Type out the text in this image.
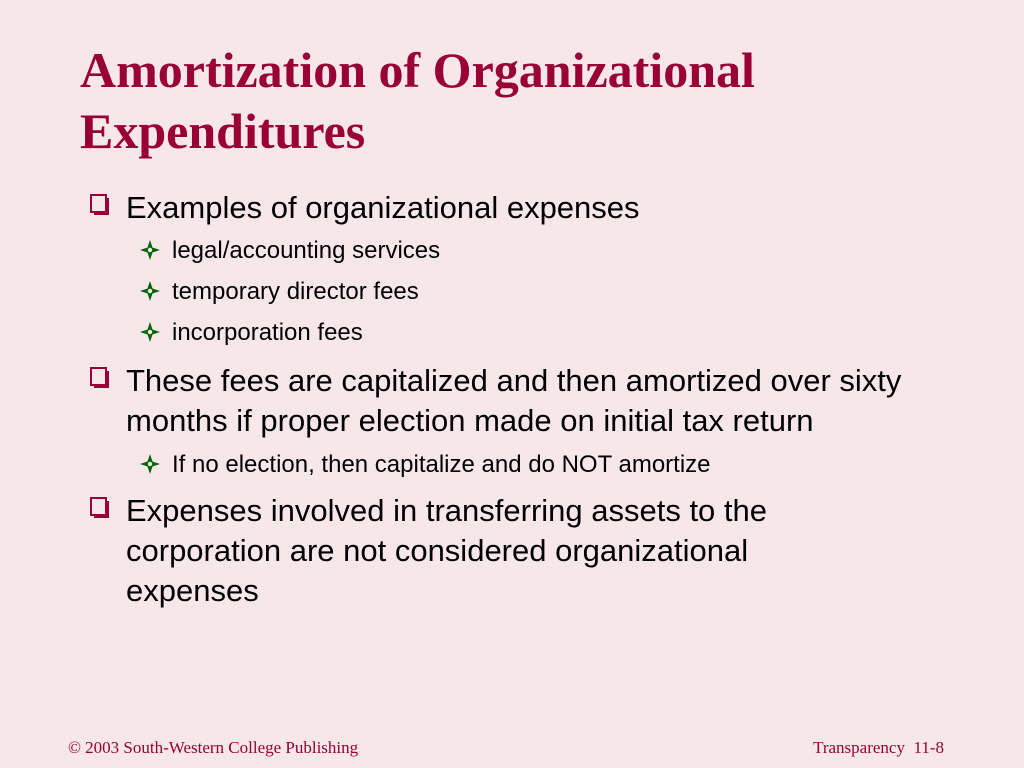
Amortization of Organizational Expenditures
Examples of organizational expenses
legal/accounting services
temporary director fees
incorporation fees
These fees are capitalized and then amortized over sixty months if proper election made on initial tax return
If no election, then capitalize and do NOT amortize
Expenses involved in transferring assets to the corporation are not considered organizational expenses
© 2003 South-Western College Publishing	Transparency  11-8
